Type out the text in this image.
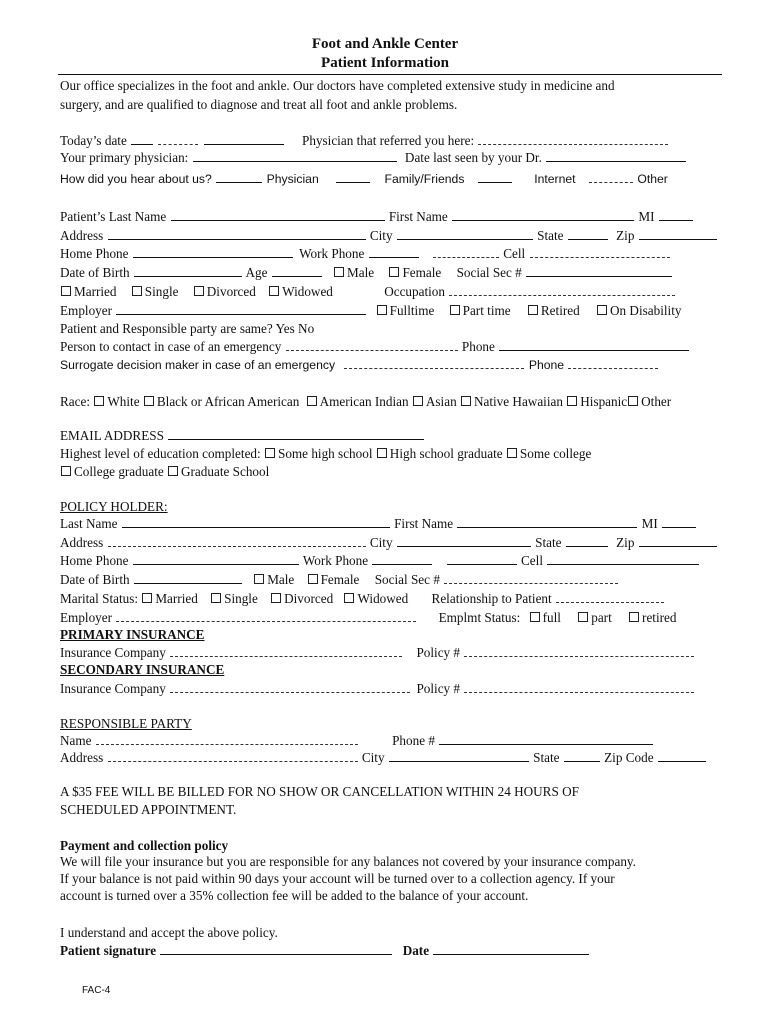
Foot and Ankle Center
Patient Information
Our office specializes in the foot and ankle. Our doctors have completed extensive study in medicine and
surgery, and are qualified to diagnose and treat all foot and ankle problems.
Today’s date	Physician that referred you here:
Your primary physician:	Date last seen by your Dr.
How did you hear about us?	Physician	Family/Friends	Internet	Other
Patient’s Last Name	First Name	MI
Address	City	State	Zip
Home Phone	Work Phone	Cell
Date of Birth	Age	Male Female Social Sec #
Married Single Divorced Widowed	Occupation
Employer	Fulltime Part time Retired On Disability
Patient and Responsible party are same? Yes No
Person to contact in case of an emergency	Phone
Surrogate decision maker in case of an emergency	Phone
Race: White Black or African American American Indian Asian Native Hawaiian Hispanic Other
EMAIL ADDRESS
Highest level of education completed: Some high school High school graduate Some college
College graduate Graduate School
POLICY HOLDER:
Last Name	First Name	MI
Address	City	State	Zip
Home Phone	Work Phone	Cell
Date of Birth	Male Female Social Sec #
Marital Status: Married Single Divorced Widowed Relationship to Patient
Employer	Emplmt Status: full part retired
PRIMARY INSURANCE
Insurance Company	Policy #
SECONDARY INSURANCE
Insurance Company	Policy #
RESPONSIBLE PARTY
Name	Phone #
Address	City	State	Zip Code
A $35 FEE WILL BE BILLED FOR NO SHOW OR CANCELLATION WITHIN 24 HOURS OF
SCHEDULED APPOINTMENT.
Payment and collection policy
We will file your insurance but you are responsible for any balances not covered by your insurance company.
If your balance is not paid within 90 days your account will be turned over to a collection agency. If your
account is turned over a 35% collection fee will be added to the balance of your account.
I understand and accept the above policy.
Patient signature	Date
FAC-4
